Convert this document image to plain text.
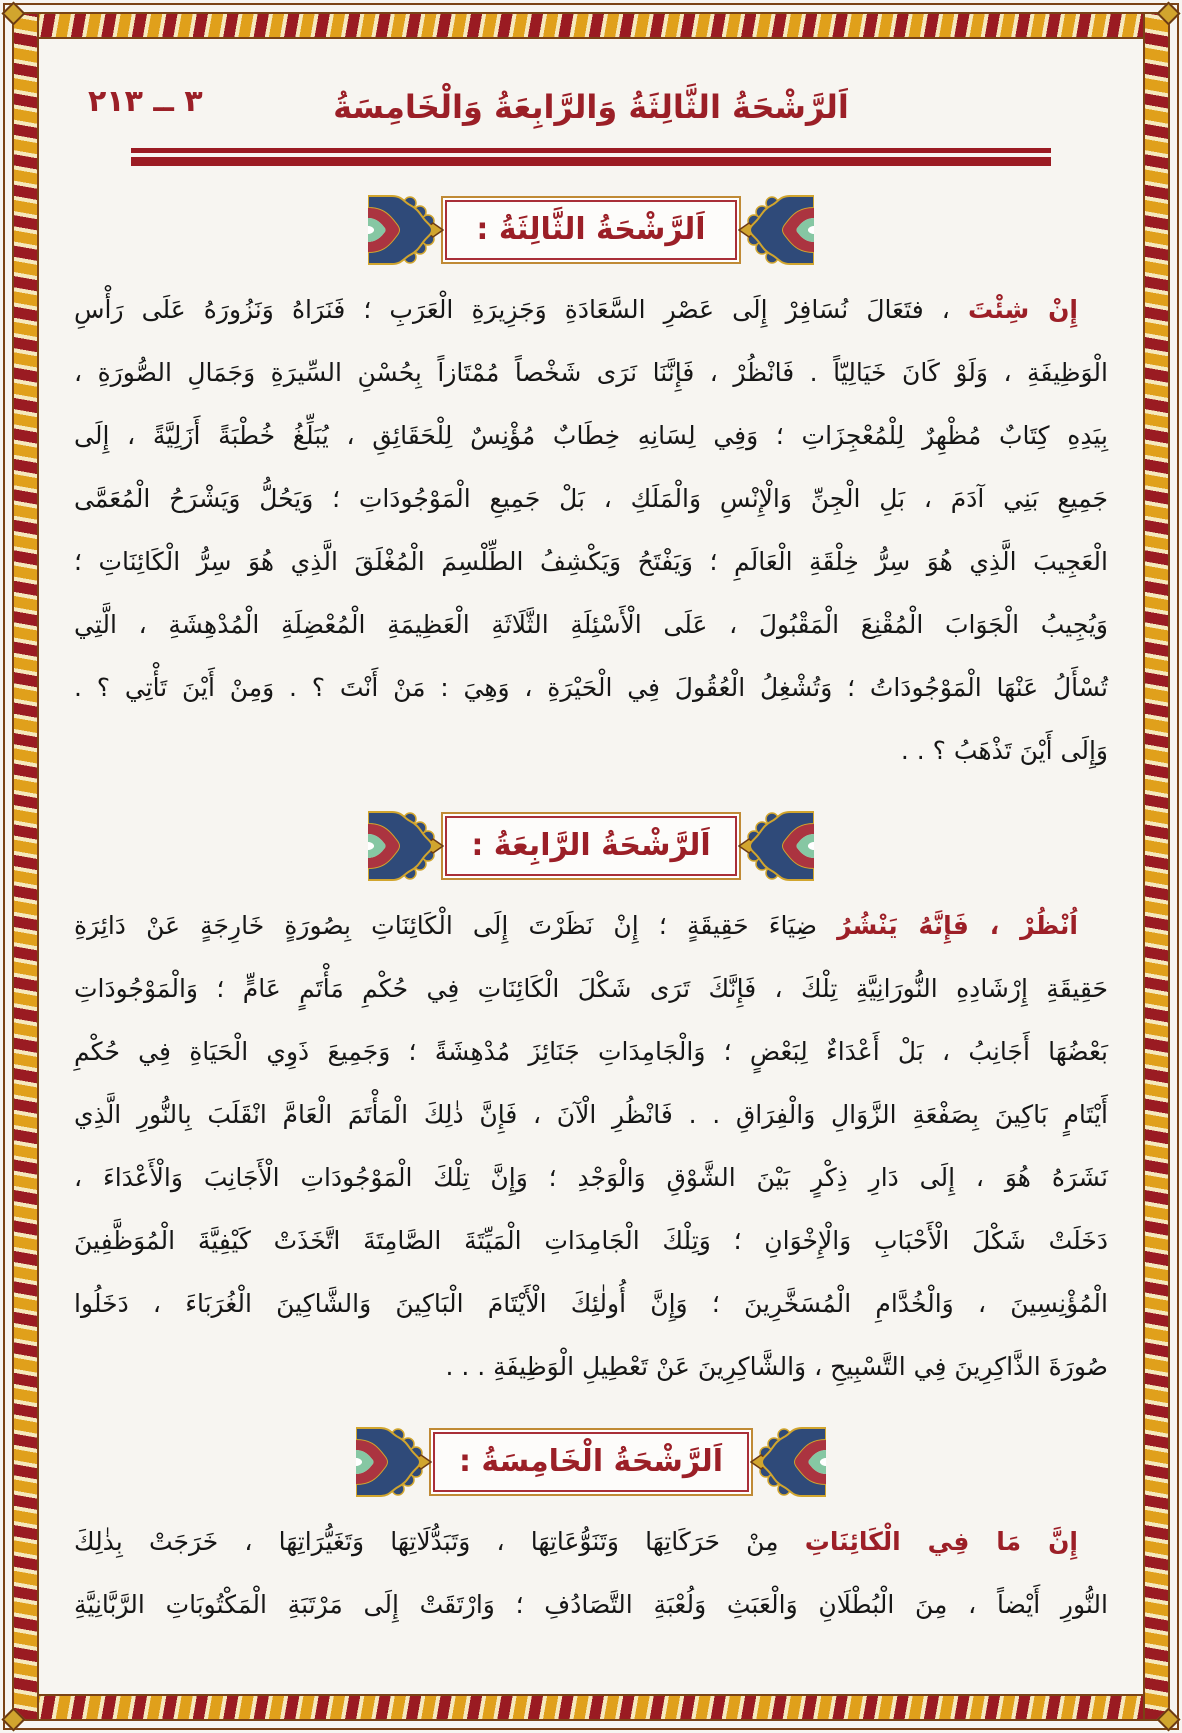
٣ ــ ٢١٣	اَلرَّشْحَةُ الثَّالِثَةُ وَالرَّابِعَةُ وَالْخَامِسَةُ
اَلرَّشْحَةُ الثَّالِثَةُ :
إِنْ شِئْتَ ، فتَعَالَ نُسَافِرْ إِلَى عَصْرِ السَّعَادَةِ وَجَزِيرَةِ الْعَرَبِ ؛ فَنَرَاهُ وَنَزُورَهُ عَلَى رَأْسِ
الْوَظِيفَةِ ، وَلَوْ كَانَ خَيَالِيّاً . فَانْظُرْ ، فَإِنَّنَا نَرَى شَخْصاً مُمْتَازاً بِحُسْنِ السِّيرَةِ وَجَمَالِ الصُّورَةِ ،
بِيَدِهِ كِتَابٌ مُظْهِرٌ لِلْمُعْجِزَاتِ ؛ وَفِي لِسَانِهِ خِطَابٌ مُؤْنِسٌ لِلْحَقَائِقِ ، يُبَلِّغُ خُطْبَةً أَزَلِيَّةً ، إِلَى
جَمِيعِ بَنِي آدَمَ ، بَلِ الْجِنِّ وَالْإِنْسِ وَالْمَلَكِ ، بَلْ جَمِيعِ الْمَوْجُودَاتِ ؛ وَيَحُلُّ وَيَشْرَحُ الْمُعَمَّى
الْعَجِيبَ الَّذِي هُوَ سِرُّ خِلْقَةِ الْعَالَمِ ؛ وَيَفْتَحُ وَيَكْشِفُ الطِّلْسِمَ الْمُغْلَقَ الَّذِي هُوَ سِرُّ الْكَائِنَاتِ ؛
وَيُجِيبُ الْجَوَابَ الْمُقْنِعَ الْمَقْبُولَ ، عَلَى الْأَسْئِلَةِ الثَّلَاثَةِ الْعَظِيمَةِ الْمُعْضِلَةِ الْمُدْهِشَةِ ، الَّتِي
تُسْأَلُ عَنْهَا الْمَوْجُودَاتُ ؛ وَتُشْغِلُ الْعُقُولَ فِي الْحَيْرَةِ ، وَهِيَ : مَنْ أَنْتَ ؟ . وَمِنْ أَيْنَ تَأْتِي ؟ .
وَإِلَى أَيْنَ تَذْهَبُ ؟ . .
اَلرَّشْحَةُ الرَّابِعَةُ :
اُنْظُرْ ، فَإِنَّهُ يَنْشُرُ ضِيَاءَ حَقِيقَةٍ ؛ إِنْ نَظَرْتَ إِلَى الْكَائِنَاتِ بِصُورَةٍ خَارِجَةٍ عَنْ دَائِرَةِ
حَقِيقَةِ إِرْشَادِهِ النُّورَانِيَّةِ تِلْكَ ، فَإِنَّكَ تَرَى شَكْلَ الْكَائِنَاتِ فِي حُكْمِ مَأْتَمٍ عَامٍّ ؛ وَالْمَوْجُودَاتِ
بَعْضُهَا أَجَانِبُ ، بَلْ أَعْدَاءٌ لِبَعْضٍ ؛ وَالْجَامِدَاتِ جَنَائِزَ مُدْهِشَةً ؛ وَجَمِيعَ ذَوِي الْحَيَاةِ فِي حُكْمِ
أَيْتَامٍ بَاكِينَ بِصَفْعَةِ الزَّوَالِ وَالْفِرَاقِ . . فَانْظُرِ الْآنَ ، فَإِنَّ ذٰلِكَ الْمَأْتَمَ الْعَامَّ انْقَلَبَ بِالنُّورِ الَّذِي
نَشَرَهُ هُوَ ، إِلَى دَارِ ذِكْرٍ بَيْنَ الشَّوْقِ وَالْوَجْدِ ؛ وَإِنَّ تِلْكَ الْمَوْجُودَاتِ الْأَجَانِبَ وَالْأَعْدَاءَ ،
دَخَلَتْ شَكْلَ الْأَحْبَابِ وَالْإِخْوَانِ ؛ وَتِلْكَ الْجَامِدَاتِ الْمَيِّتَةَ الصَّامِتَةَ اتَّخَذَتْ كَيْفِيَّةَ الْمُوَظَّفِينَ
الْمُؤْنِسِينَ ، وَالْخُدَّامِ الْمُسَخَّرِينَ ؛ وَإِنَّ أُولٰئِكَ الْأَيْتَامَ الْبَاكِينَ وَالشَّاكِينَ الْغُرَبَاءَ ، دَخَلُوا
صُورَةَ الذَّاكِرِينَ فِي التَّسْبِيحِ ، وَالشَّاكِرِينَ عَنْ تَعْطِيلِ الْوَظِيفَةِ . . .
اَلرَّشْحَةُ الْخَامِسَةُ :
إِنَّ مَا فِي الْكَائِنَاتِ مِنْ حَرَكَاتِهَا وَتَنَوُّعَاتِهَا ، وَتَبَدُّلَاتِهَا وَتَغَيُّرَاتِهَا ، خَرَجَتْ بِذٰلِكَ
النُّورِ أَيْضاً ، مِنَ الْبُطْلَانِ وَالْعَبَثِ وَلُعْبَةِ التَّصَادُفِ ؛ وَارْتَقَتْ إِلَى مَرْتَبَةِ الْمَكْتُوبَاتِ الرَّبَّانِيَّةِ
